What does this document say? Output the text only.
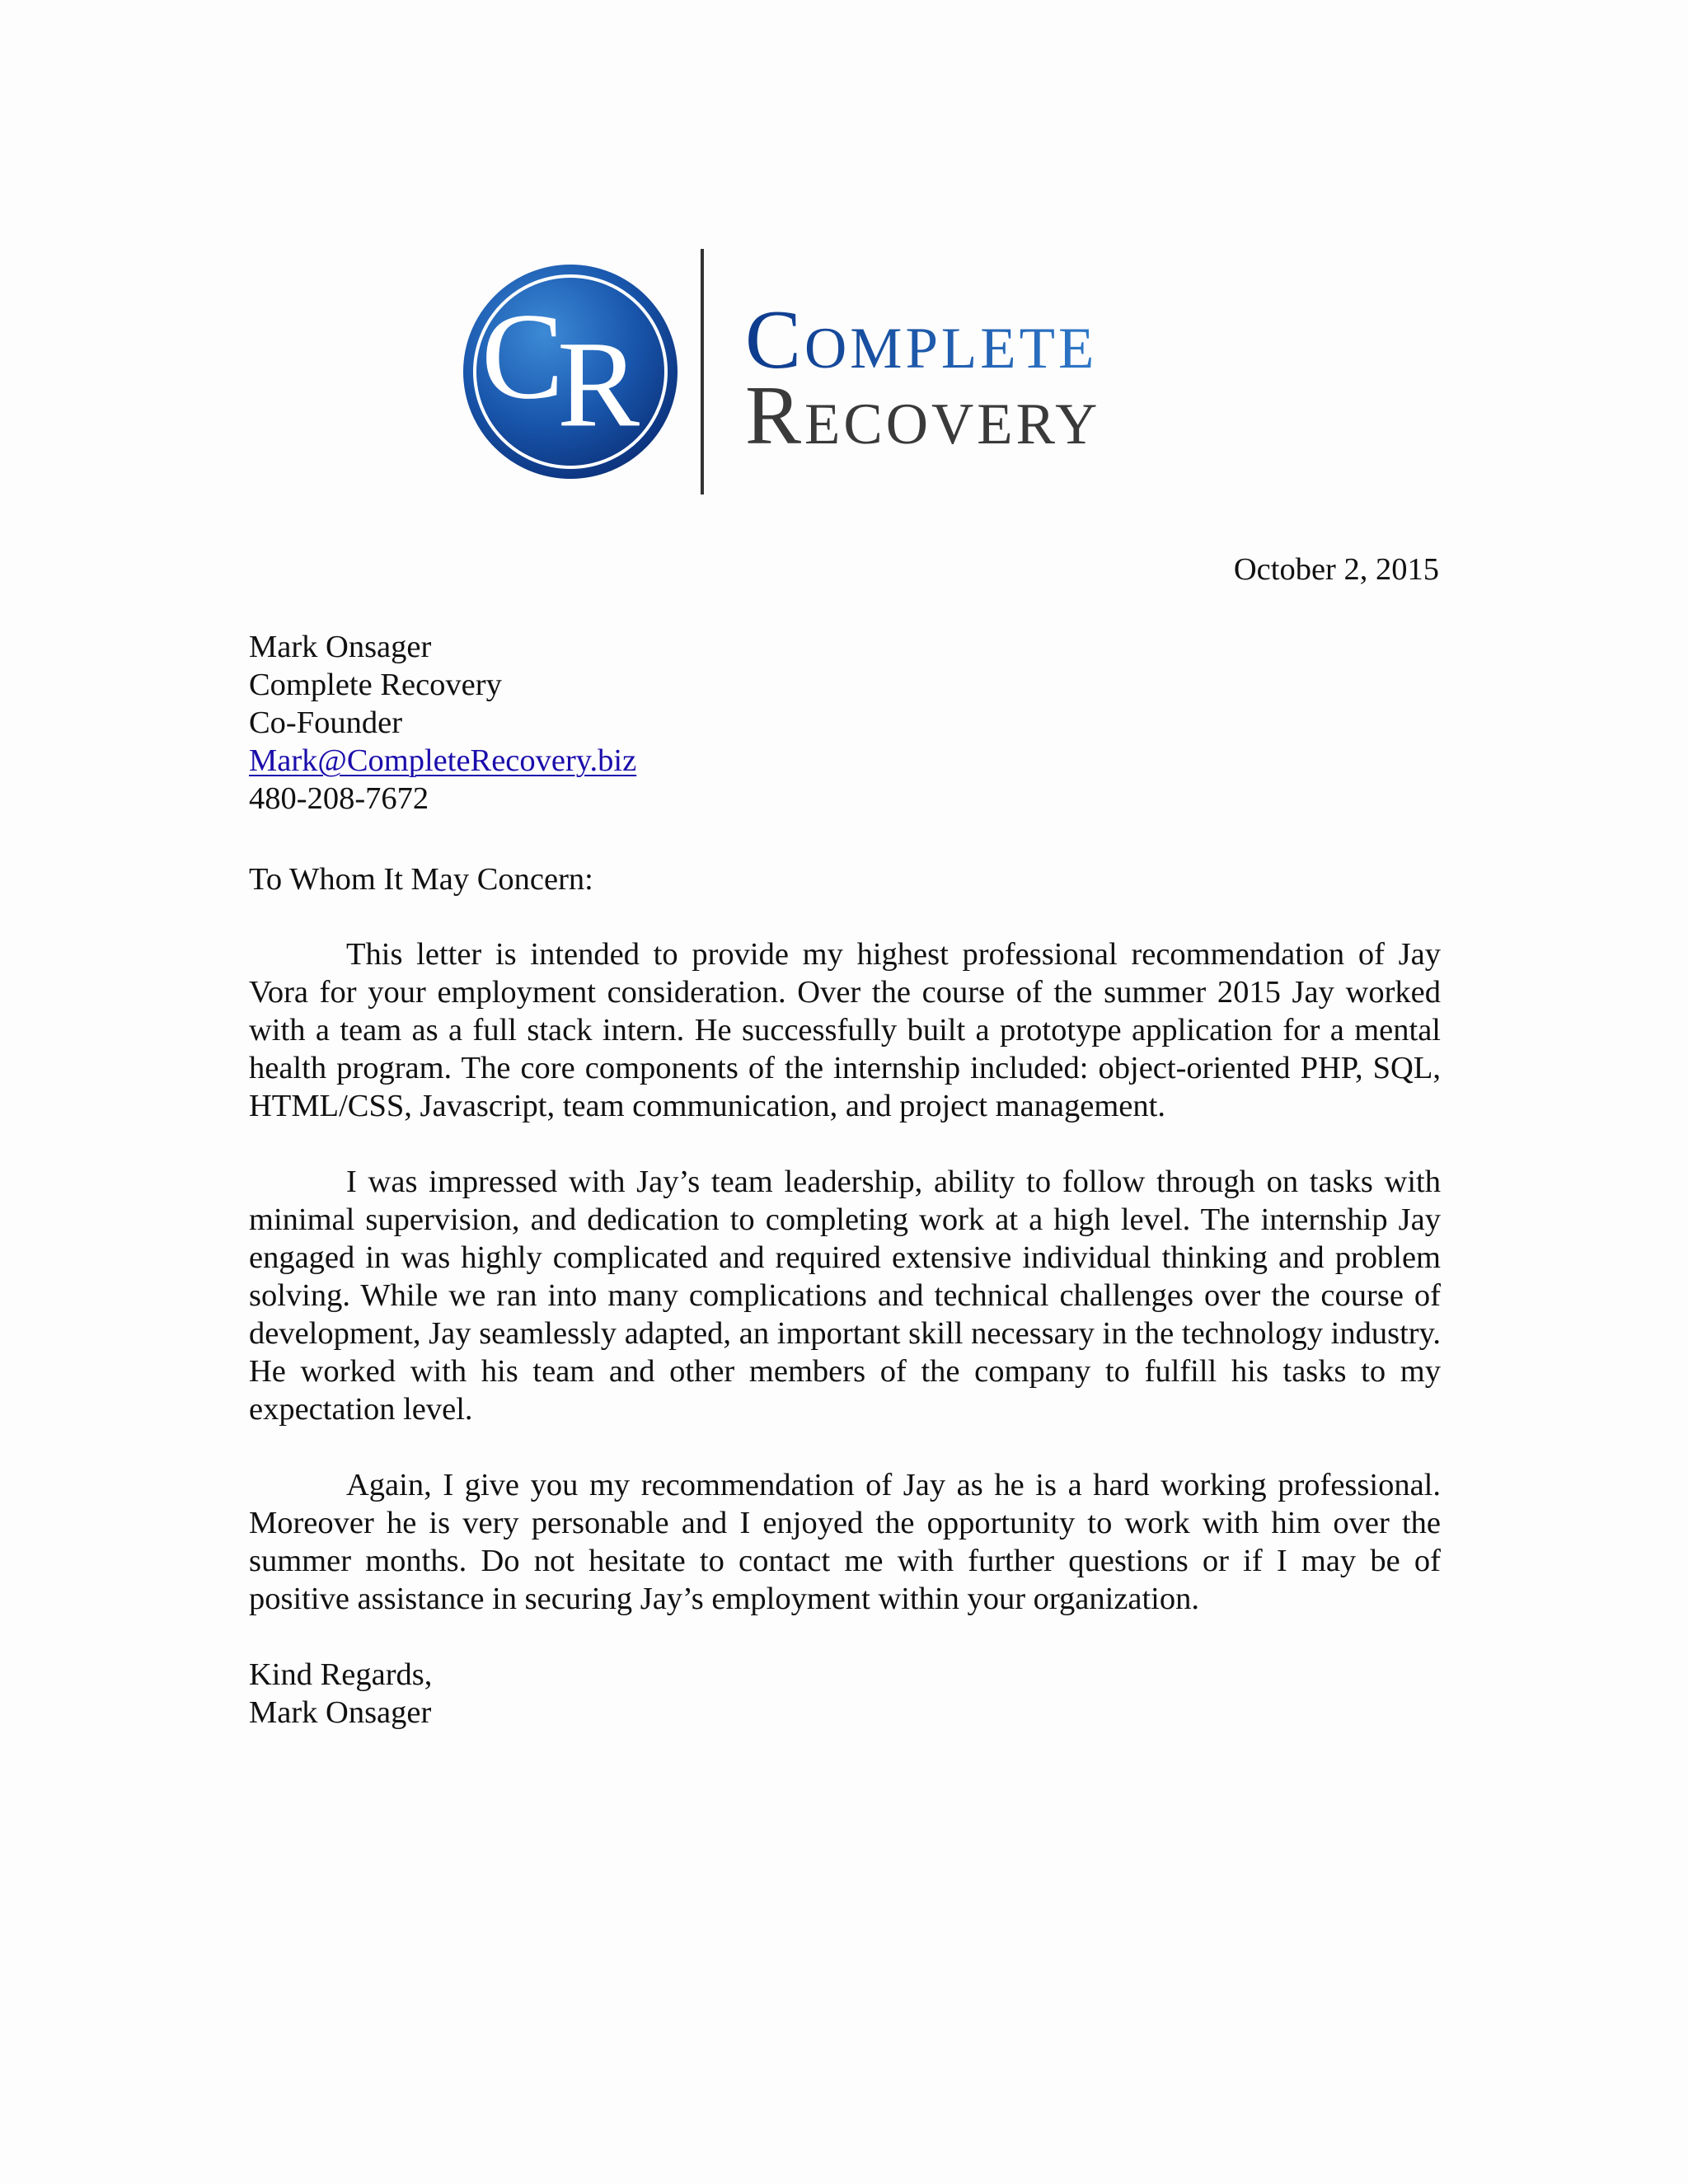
C
R Complete
Recovery
October 2, 2015
Mark Onsager
Complete Recovery
Co-Founder
Mark@CompleteRecovery.biz
480-208-7672
To Whom It May Concern:

This letter is intended to provide my highest professional recommendation of Jay Vora for your employment consideration. Over the course of the summer 2015 Jay worked with a team as a full stack intern. He successfully built a prototype application for a mental health program. The core components of the internship included: object-oriented PHP, SQL, HTML/CSS, Javascript, team communication, and project management.

I was impressed with Jay’s team leadership, ability to follow through on tasks with minimal supervision, and dedication to completing work at a high level. The internship Jay engaged in was highly complicated and required extensive individual thinking and problem solving. While we ran into many complications and technical challenges over the course of development, Jay seamlessly adapted, an important skill necessary in the technology industry. He worked with his team and other members of the company to fulfill his tasks to my expectation level.

Again, I give you my recommendation of Jay as he is a hard working professional. Moreover he is very personable and I enjoyed the opportunity to work with him over the summer months. Do not hesitate to contact me with further questions or if I may be of positive assistance in securing Jay’s employment within your organization.

Kind Regards,
Mark Onsager
